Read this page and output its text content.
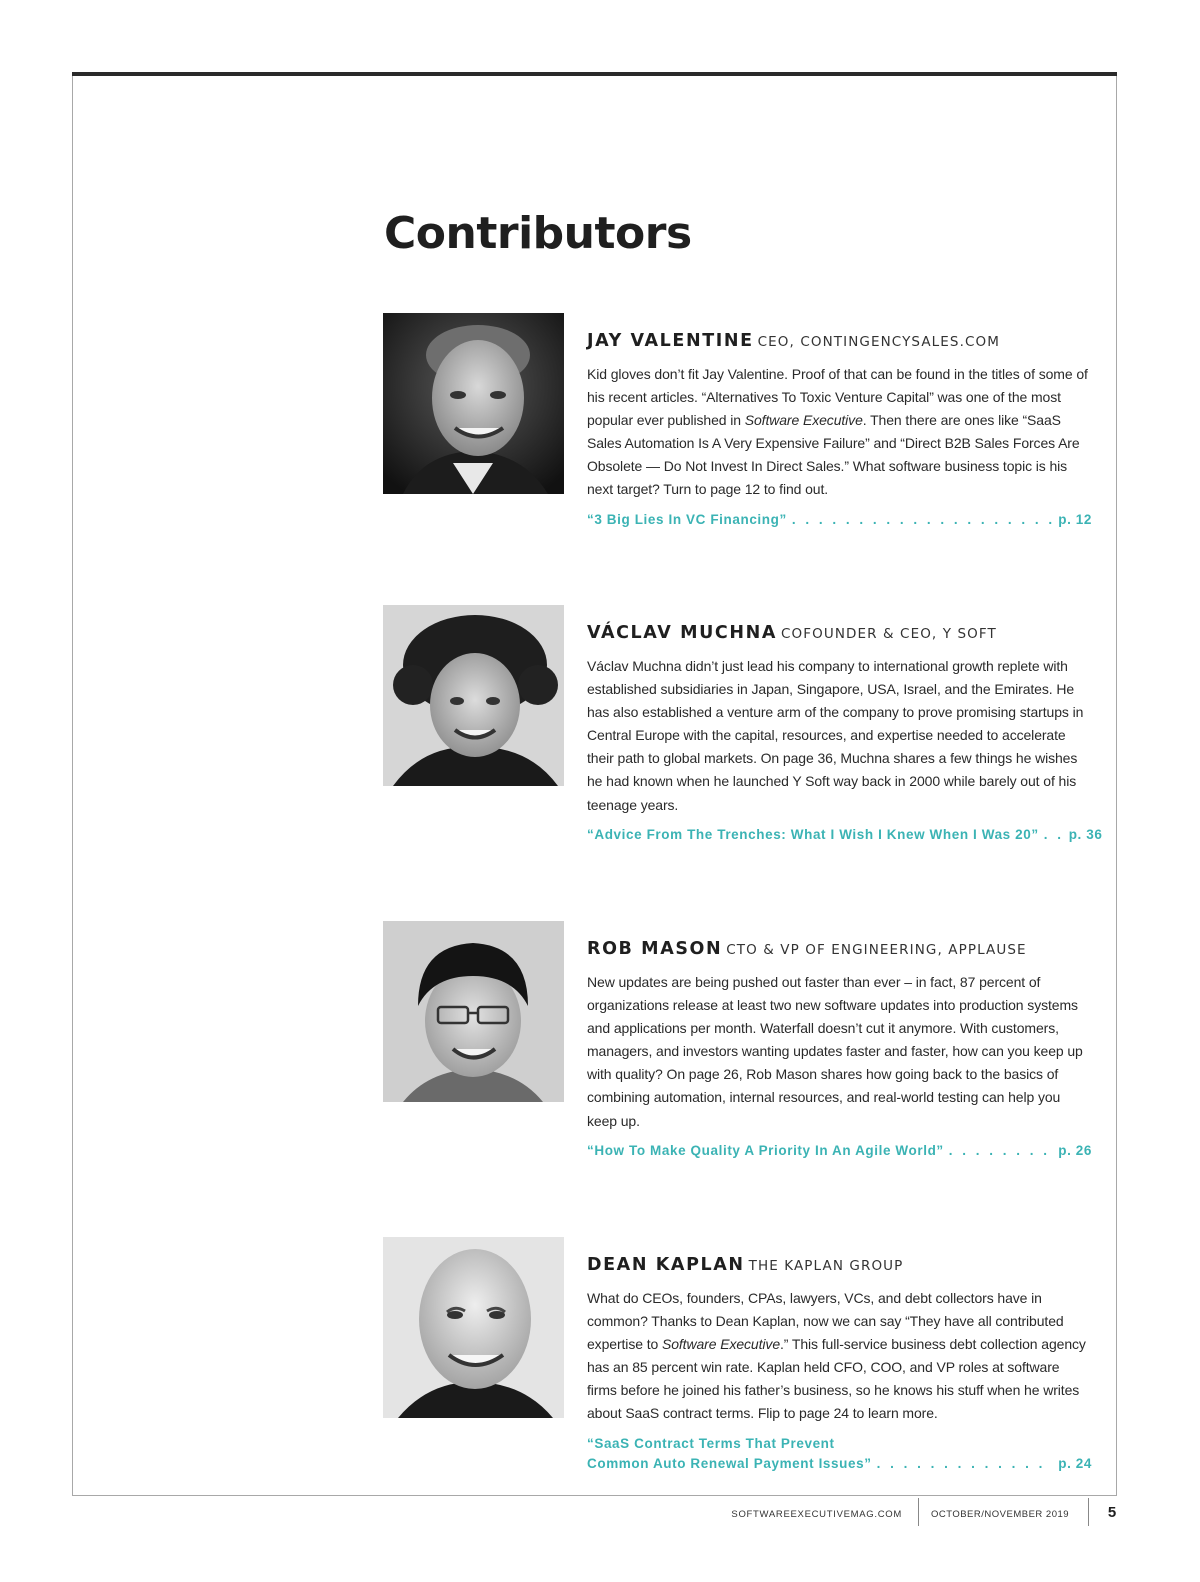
Contributors

JAY VALENTINE CEO, CONTINGENCYSALES.COM

Kid gloves don’t fit Jay Valentine. Proof of that can be found in the titles of some of his recent articles. “Alternatives To Toxic Venture Capital” was one of the most popular ever published in Software Executive. Then there are ones like “SaaS Sales Automation Is A Very Expensive Failure” and “Direct B2B Sales Forces Are Obsolete — Do Not Invest In Direct Sales.” What software business topic is his next target? Turn to page 12 to find out.

“3 Big Lies In VC Financing” . . .	p. 12

VÁCLAV MUCHNA COFOUNDER & CEO, Y SOFT

Václav Muchna didn’t just lead his company to international growth replete with established subsidiaries in Japan, Singapore, USA, Israel, and the Emirates. He has also established a venture arm of the company to prove promising startups in Central Europe with the capital, resources, and expertise needed to accelerate their path to global markets. On page 36, Muchna shares a few things he wishes he had known when he launched Y Soft way back in 2000 while barely out of his teenage years.

“Advice From The Trenches: What I Wish I Knew When I Was 20” . . . p. 36

ROB MASON CTO & VP OF ENGINEERING, APPLAUSE

New updates are being pushed out faster than ever – in fact, 87 percent of organizations release at least two new software updates into production systems and applications per month. Waterfall doesn’t cut it anymore. With customers, managers, and investors wanting updates faster and faster, how can you keep up with quality? On page 26, Rob Mason shares how going back to the basics of combining automation, internal resources, and real-world testing can help you keep up.

“How To Make Quality A Priority In An Agile World” . . .	p. 26

DEAN KAPLAN THE KAPLAN GROUP

What do CEOs, founders, CPAs, lawyers, VCs, and debt collectors have in common? Thanks to Dean Kaplan, now we can say “They have all contributed expertise to Software Executive.” This full-service business debt collection agency has an 85 percent win rate. Kaplan held CFO, COO, and VP roles at software firms before he joined his father’s business, so he knows his stuff when he writes about SaaS contract terms. Flip to page 24 to learn more.

“SaaS Contract Terms That Prevent
Common Auto Renewal Payment Issues” . . .	p. 24
SOFTWAREEXECUTIVEMAG.COM	OCTOBER/NOVEMBER 2019	5
